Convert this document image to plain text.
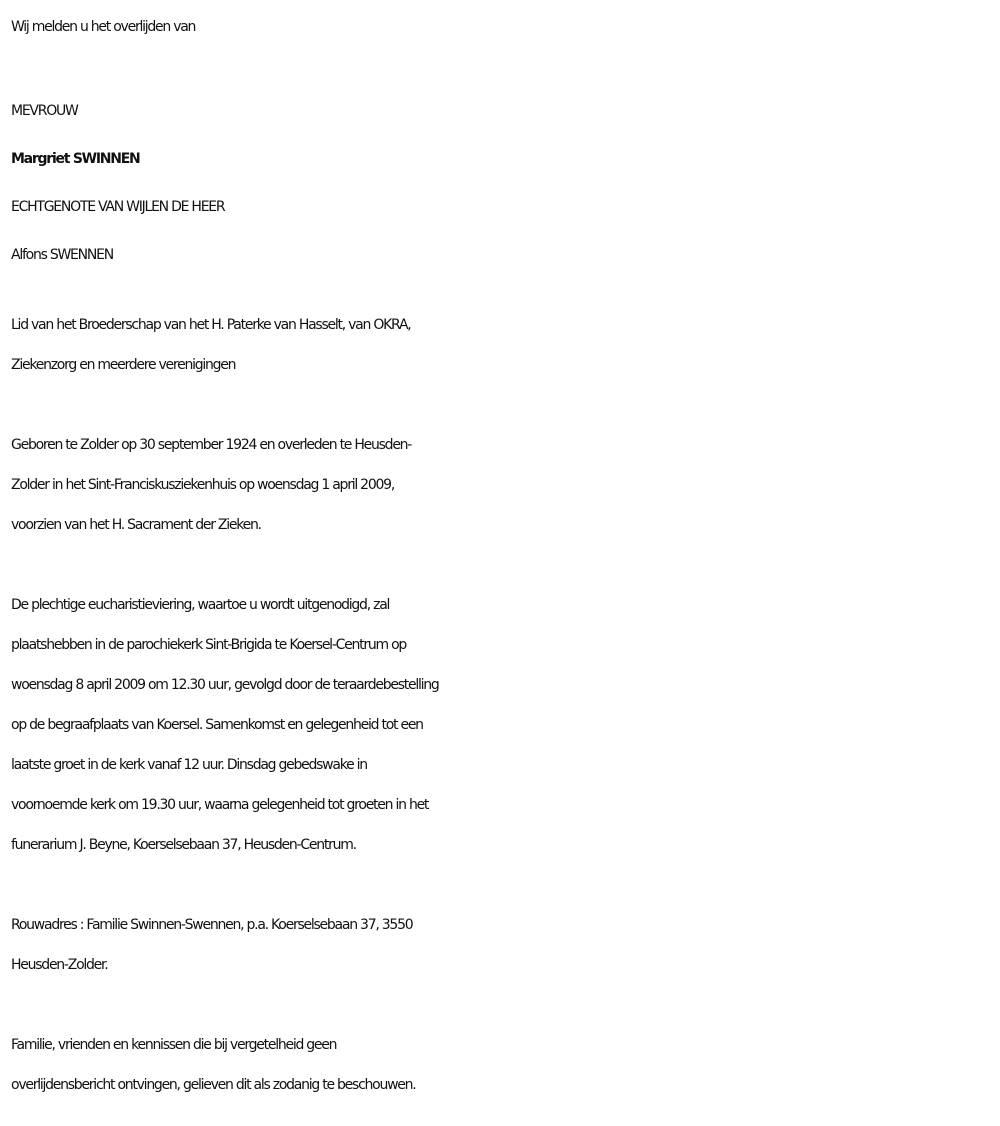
Wij melden u het overlijden van
MEVROUW
Margriet SWINNEN
ECHTGENOTE VAN WIJLEN DE HEER
Alfons SWENNEN
Lid van het Broederschap van het H. Paterke van Hasselt, van OKRA,
Ziekenzorg en meerdere verenigingen
Geboren te Zolder op 30 september 1924 en overleden te Heusden-
Zolder in het Sint-Franciskusziekenhuis op woensdag 1 april 2009,
voorzien van het H. Sacrament der Zieken.
De plechtige eucharistieviering, waartoe u wordt uitgenodigd, zal
plaatshebben in de parochiekerk Sint-Brigida te Koersel-Centrum op
woensdag 8 april 2009 om 12.30 uur, gevolgd door de teraardebestelling
op de begraafplaats van Koersel. Samenkomst en gelegenheid tot een
laatste groet in de kerk vanaf 12 uur. Dinsdag gebedswake in
voornoemde kerk om 19.30 uur, waarna gelegenheid tot groeten in het
funerarium J. Beyne, Koerselsebaan 37, Heusden-Centrum.
Rouwadres : Familie Swinnen-Swennen, p.a. Koerselsebaan 37, 3550
Heusden-Zolder.
Familie, vrienden en kennissen die bij vergetelheid geen
overlijdensbericht ontvingen, gelieven dit als zodanig te beschouwen.
